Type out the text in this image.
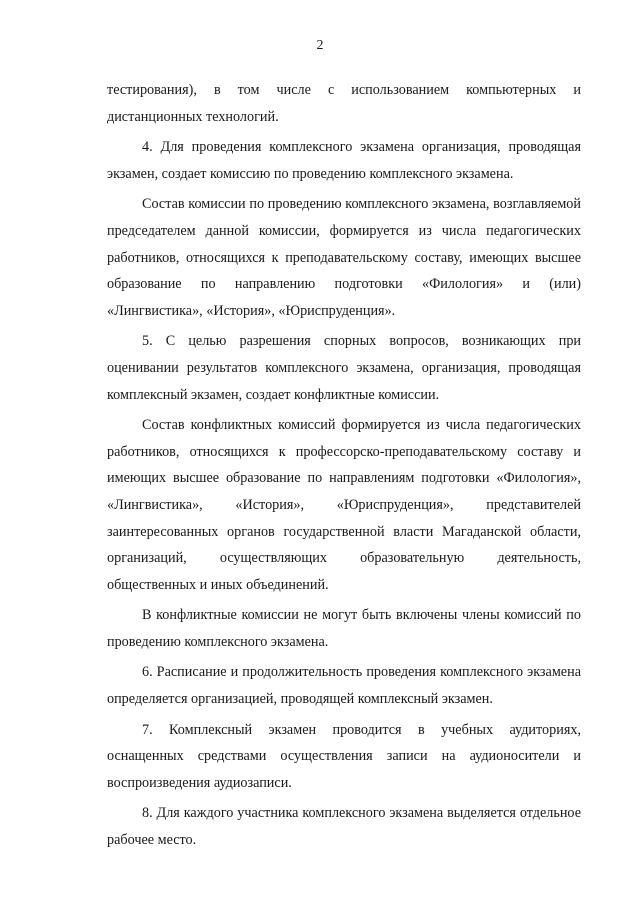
2

тестирования), в том числе с использованием компьютерных и дистанционных технологий.

4. Для проведения комплексного экзамена организация, проводящая экзамен, создает комиссию по проведению комплексного экзамена.

Состав комиссии по проведению комплексного экзамена, возглавляемой председателем данной комиссии, формируется из числа педагогических работников, относящихся к преподавательскому составу, имеющих высшее образование по направлению подготовки «Филология» и (или) «Лингвистика», «История», «Юриспруденция».

5. С целью разрешения спорных вопросов, возникающих при оценивании результатов комплексного экзамена, организация, проводящая комплексный экзамен, создает конфликтные комиссии.

Состав конфликтных комиссий формируется из числа педагогических работников, относящихся к профессорско-преподавательскому составу и имеющих высшее образование по направлениям подготовки «Филология», «Лингвистика», «История», «Юриспруденция», представителей заинтересованных органов государственной власти Магаданской области, организаций, осуществляющих образовательную деятельность, общественных и иных объединений.

В конфликтные комиссии не могут быть включены члены комиссий по проведению комплексного экзамена.

6. Расписание и продолжительность проведения комплексного экзамена определяется организацией, проводящей комплексный экзамен.

7. Комплексный экзамен проводится в учебных аудиториях, оснащенных средствами осуществления записи на аудионосители и воспроизведения аудиозаписи.

8. Для каждого участника комплексного экзамена выделяется отдельное рабочее место.
